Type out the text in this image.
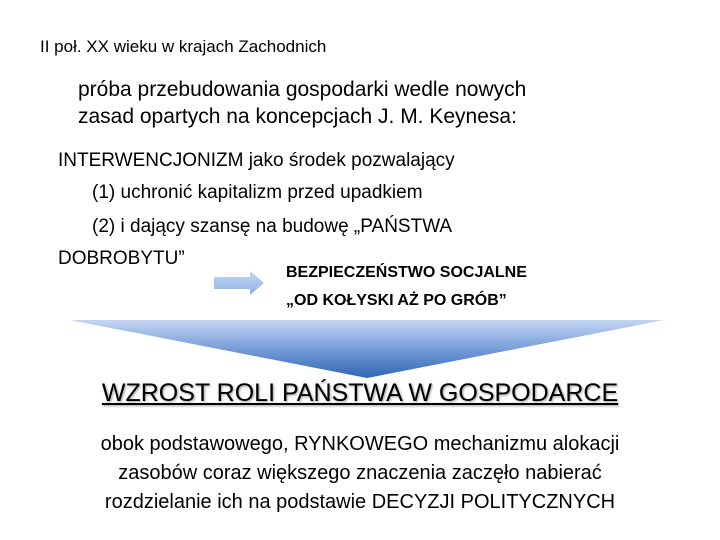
II poł. XX wieku w krajach Zachodnich
próba przebudowania gospodarki wedle nowych
zasad opartych na koncepcjach J. M. Keynesa:
INTERWENCJONIZM jako środek pozwalający
(1) uchronić kapitalizm przed upadkiem
(2) i dający szansę na budowę „PAŃSTWA
DOBROBYTU”
BEZPIECZEŃSTWO SOCJALNE
„OD KOŁYSKI AŻ PO GRÓB”
WZROST ROLI PAŃSTWA W GOSPODARCE
obok podstawowego, RYNKOWEGO mechanizmu alokacji
zasobów coraz większego znaczenia zaczęło nabierać
rozdzielanie ich na podstawie DECYZJI POLITYCZNYCH
